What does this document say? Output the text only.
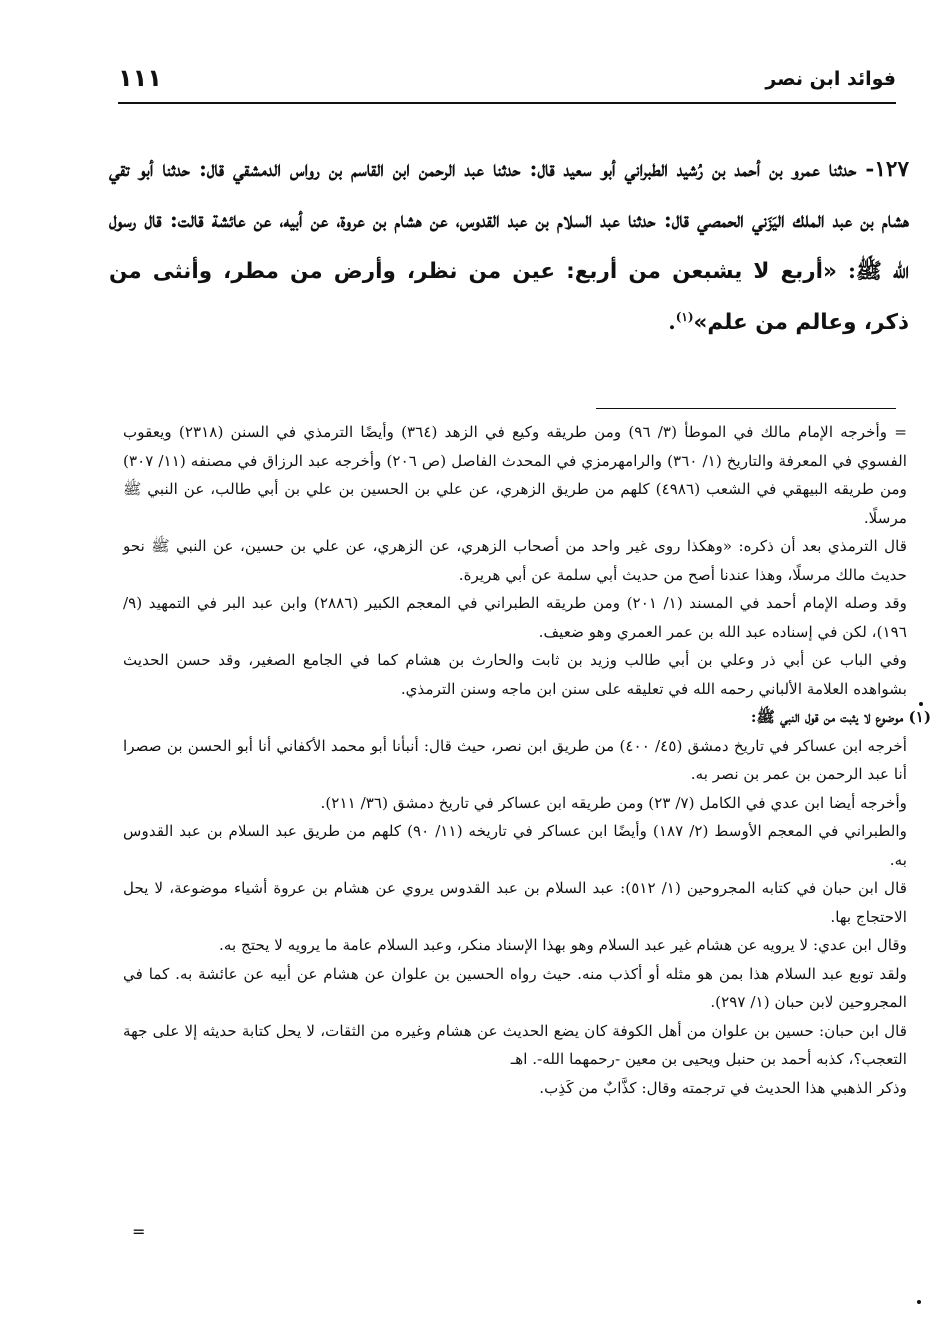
فوائد ابن نصر
١١١

١٢٧- حدثنا عمرو بن أحمد بن رُشيد الطبراني أبو سعيد قال: حدثنا عبد الرحمن ابن القاسم بن رواس الدمشقي قال: حدثنا أبو تقي هشام بن عبد الملك اليَزَني الحمصي قال: حدثنا عبد السلام بن عبد القدوس، عن هشام بن عروة، عن أبيه، عن عائشة قالت: قال رسول الله ﷺ: «أربع لا يشبعن من أربع: عين من نظر، وأرض من مطر، وأنثى من ذكر، وعالم من علم»$^{(١)}$.

= وأخرجه الإمام مالك في الموطأ (٣/ ٩٦) ومن طريقه وكيع في الزهد (٣٦٤) وأيضًا الترمذي في السنن (٢٣١٨) ويعقوب الفسوي في المعرفة والتاريخ (١/ ٣٦٠) والرامهرمزي في المحدث الفاصل (ص ٢٠٦) وأخرجه عبد الرزاق في مصنفه (١١/ ٣٠٧) ومن طريقه البيهقي في الشعب (٤٩٨٦) كلهم من طريق الزهري، عن علي بن الحسين بن علي بن أبي طالب، عن النبي ﷺ مرسلًا.

قال الترمذي بعد أن ذكره: «وهكذا روى غير واحد من أصحاب الزهري، عن الزهري، عن علي بن حسين، عن النبي ﷺ نحو حديث مالك مرسلًا، وهذا عندنا أصح من حديث أبي سلمة عن أبي هريرة.

وقد وصله الإمام أحمد في المسند (١/ ٢٠١) ومن طريقه الطبراني في المعجم الكبير (٢٨٨٦) وابن عبد البر في التمهيد (٩/ ١٩٦)، لكن في إسناده عبد الله بن عمر العمري وهو ضعيف.

وفي الباب عن أبي ذر وعلي بن أبي طالب وزيد بن ثابت والحارث بن هشام كما في الجامع الصغير، وقد حسن الحديث بشواهده العلامة الألباني رحمه الله في تعليقه على سنن ابن ماجه وسنن الترمذي.

(١) موضوع لا يثبت من قول النبي ﷺ:

أخرجه ابن عساكر في تاريخ دمشق (٤٥/ ٤٠٠) من طريق ابن نصر، حيث قال: أنبأنا أبو محمد الأكفاني أنا أبو الحسن بن صصرا أنا عبد الرحمن بن عمر بن نصر به.

وأخرجه أيضا ابن عدي في الكامل (٧/ ٢٣) ومن طريقه ابن عساكر في تاريخ دمشق (٣٦/ ٢١١).

والطبراني في المعجم الأوسط (٢/ ١٨٧) وأيضًا ابن عساكر في تاريخه (١١/ ٩٠) كلهم من طريق عبد السلام بن عبد القدوس به.

قال ابن حبان في كتابه المجروحين (١/ ٥١٢): عبد السلام بن عبد القدوس يروي عن هشام بن عروة أشياء موضوعة، لا يحل الاحتجاج بها.

وقال ابن عدي: لا يرويه عن هشام غير عبد السلام وهو بهذا الإسناد منكر، وعبد السلام عامة ما يرويه لا يحتج به.

ولقد توبع عبد السلام هذا بمن هو مثله أو أكذب منه. حيث رواه الحسين بن علوان عن هشام عن أبيه عن عائشة به. كما في المجروحين لابن حبان (١/ ٢٩٧).

قال ابن حبان: حسين بن علوان من أهل الكوفة كان يضع الحديث عن هشام وغيره من الثقات، لا يحل كتابة حديثه إلا على جهة التعجب؟، كذبه أحمد بن حنبل ويحيى بن معين -رحمهما الله-. اهـ

وذكر الذهبي هذا الحديث في ترجمته وقال: كذَّابٌ من كَذِب.

=
